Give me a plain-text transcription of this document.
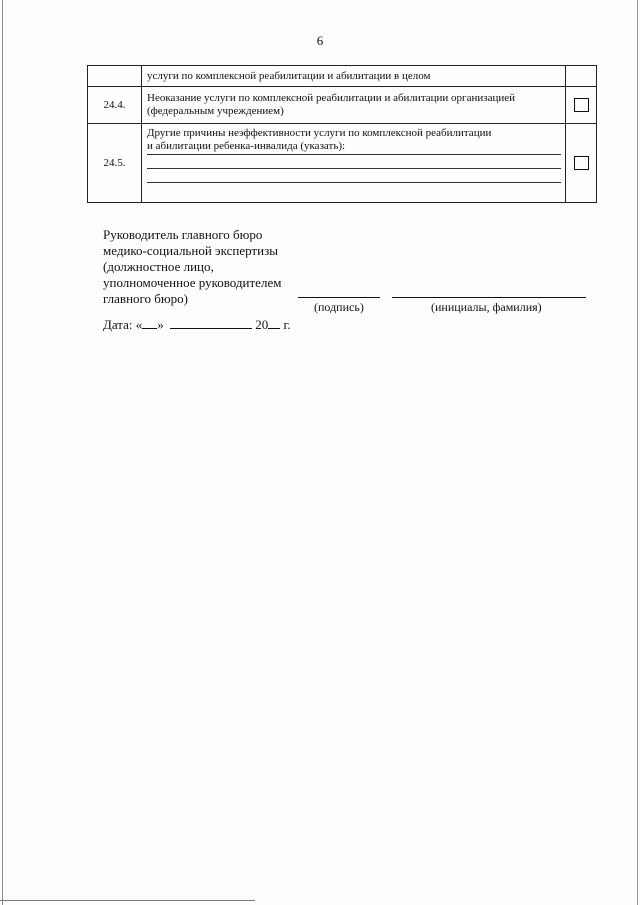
6

	услуги по комплексной реабилитации и абилитации в целом	

24.4.	Неоказание услуги по комплексной реабилитации и абилитации организацией
(федеральным учреждением)	

24.5.	Другие причины неэффективности услуги по комплексной реабилитации
и абилитации ребенка-инвалида (указать):	

Руководитель главного бюро
медико-социальной экспертизы
(должностное лицо,
уполномоченное руководителем
главного бюро)
(подпись)	(инициалы, фамилия)
Дата: « »	20 г.
